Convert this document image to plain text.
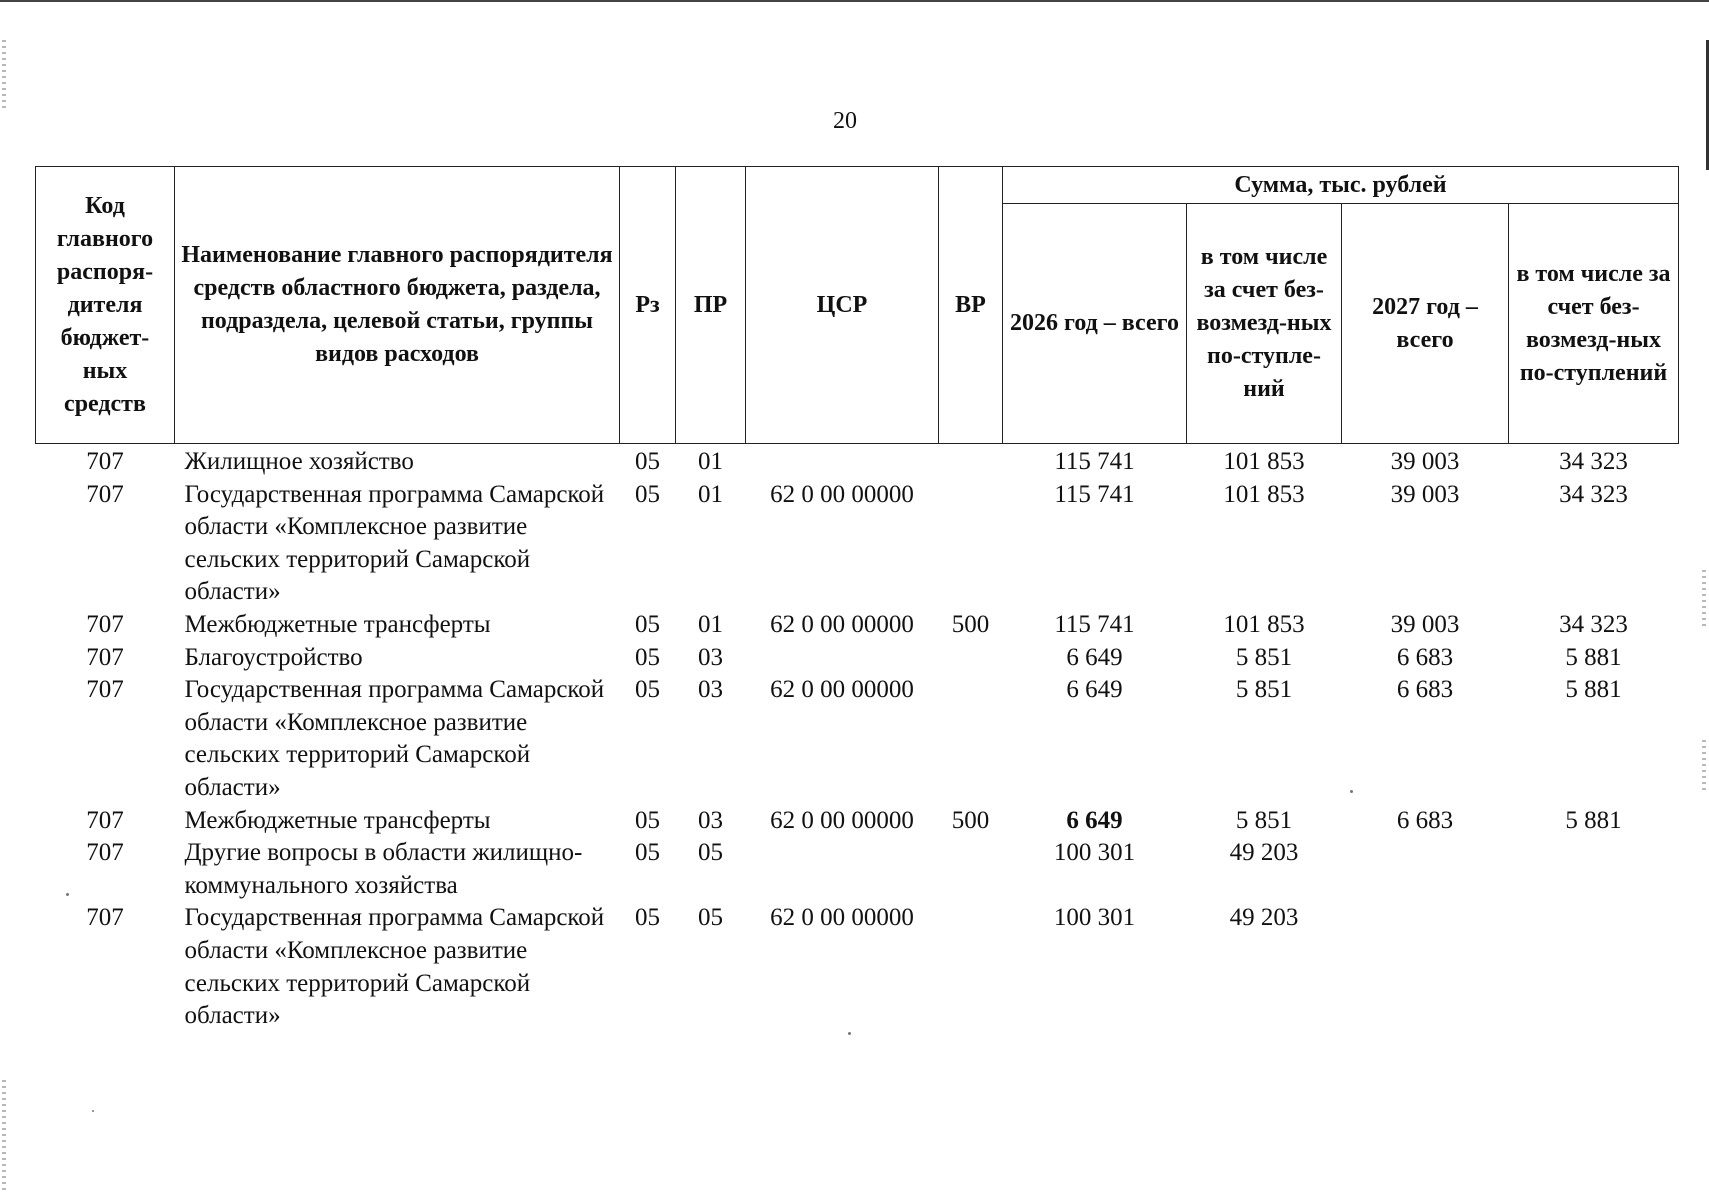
20
Код главного распоря-дителя бюджет-ных средств	Наименование главного распорядителя средств областного бюджета, раздела, подраздела, целевой статьи, группы видов расходов	Рз	ПР	ЦСР	ВР	Сумма, тыс. рублей			
						2026 год – всего	в том числе за счет без-возмезд-ных по-ступле-ний	2027 год – всего	в том числе за счет без-возмезд-ных по-ступлений
707	Жилищное хозяйство	05	01			115 741	101 853	39 003	34 323
707	Государственная программа Самарской области «Комплексное развитие сельских территорий Самарской области»	05	01	62 0 00 00000		115 741	101 853	39 003	34 323
707	Межбюджетные трансферты	05	01	62 0 00 00000	500	115 741	101 853	39 003	34 323
707	Благоустройство	05	03			6 649	5 851	6 683	5 881
707	Государственная программа Самарской области «Комплексное развитие сельских территорий Самарской области»	05	03	62 0 00 00000		6 649	5 851	6 683	5 881
707	Межбюджетные трансферты	05	03	62 0 00 00000	500	6 649	5 851	6 683	5 881
707	Другие вопросы в области жилищно-коммунального хозяйства	05	05			100 301	49 203		
707	Государственная программа Самарской области «Комплексное развитие сельских территорий Самарской области»	05	05	62 0 00 00000		100 301	49 203		
